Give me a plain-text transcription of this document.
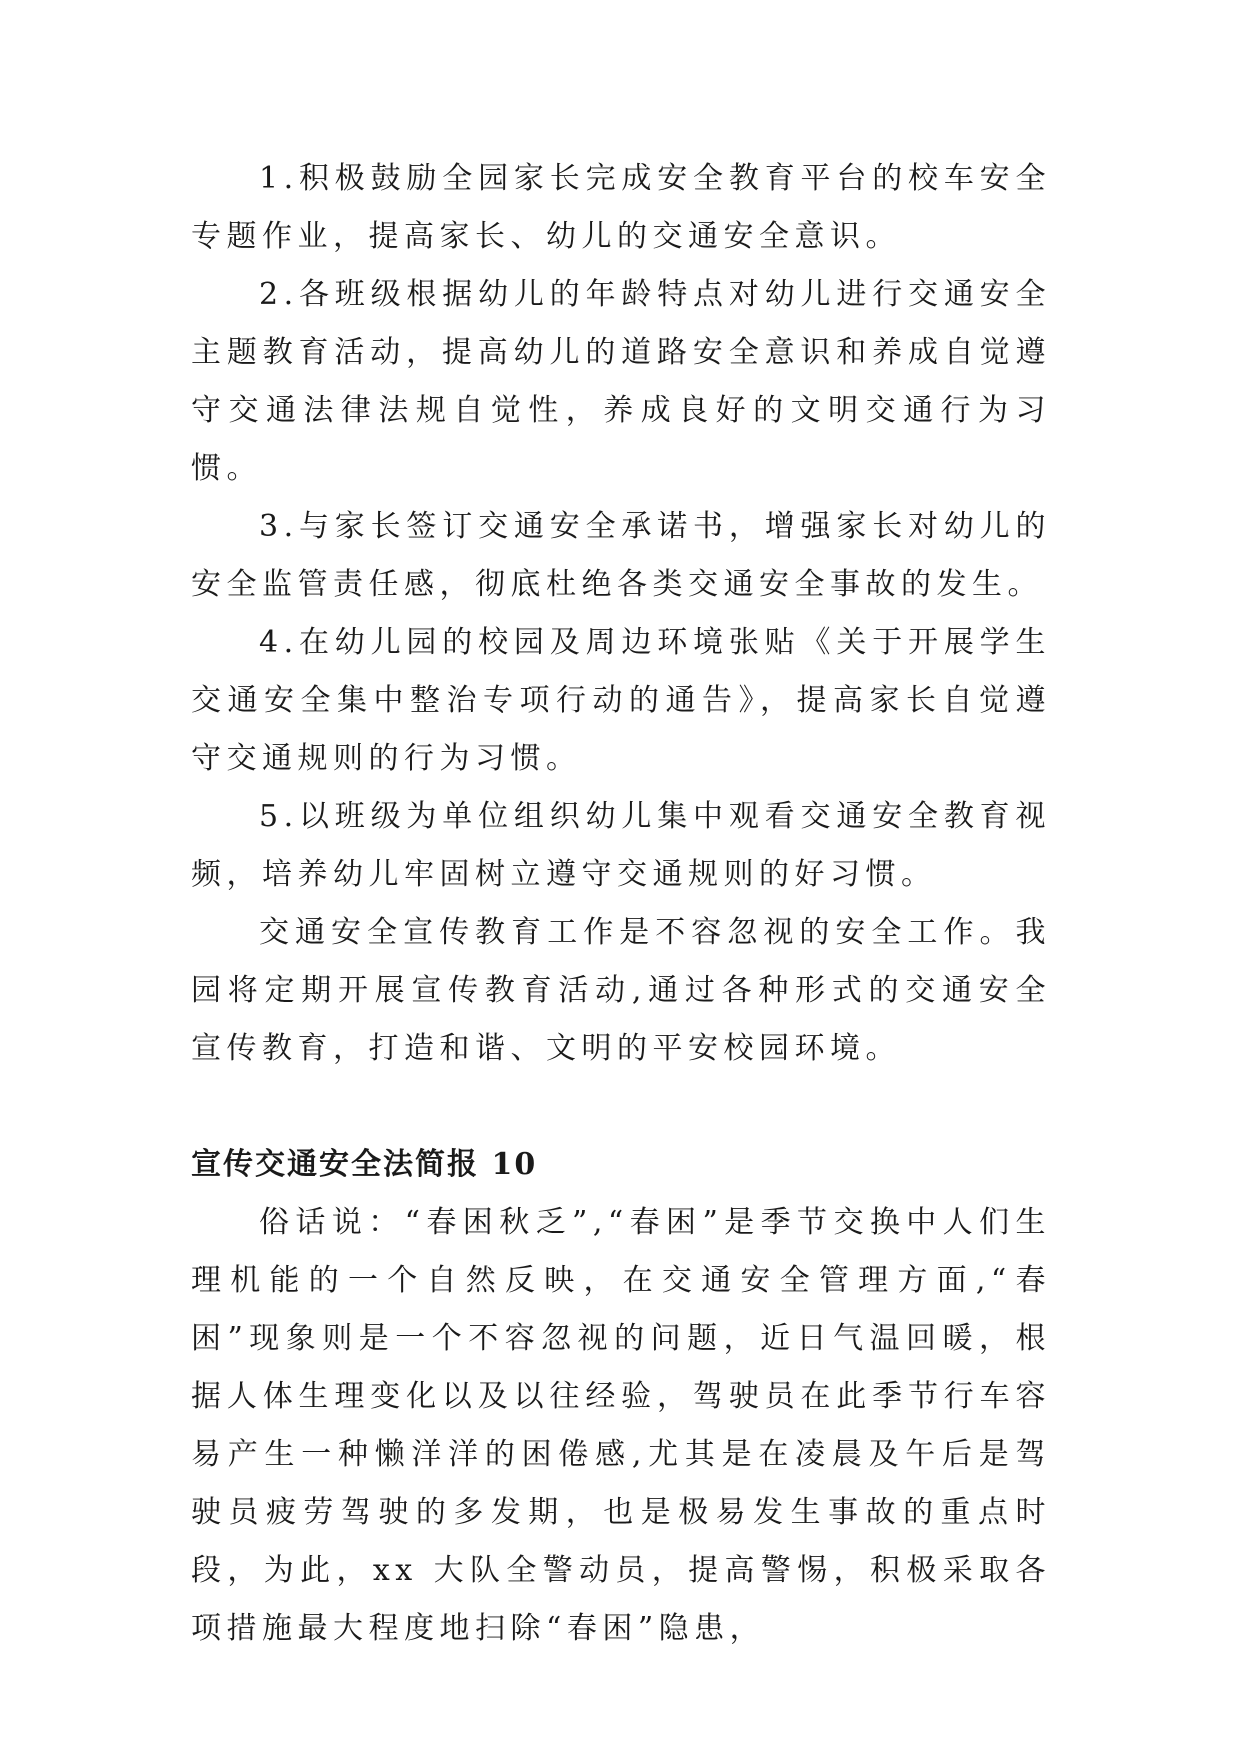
1.积极鼓励全园家长完成安全教育平台的校车安全专题作业，提高家长、幼儿的交通安全意识。

2.各班级根据幼儿的年龄特点对幼儿进行交通安全主题教育活动，提高幼儿的道路安全意识和养成自觉遵守交通法律法规自觉性，养成良好的文明交通行为习惯。

3.与家长签订交通安全承诺书，增强家长对幼儿的安全监管责任感，彻底杜绝各类交通安全事故的发生。

4.在幼儿园的校园及周边环境张贴《关于开展学生交通安全集中整治专项行动的通告》，提高家长自觉遵守交通规则的行为习惯。

5.以班级为单位组织幼儿集中观看交通安全教育视频，培养幼儿牢固树立遵守交通规则的好习惯。

交通安全宣传教育工作是不容忽视的安全工作。我园将定期开展宣传教育活动,通过各种形式的交通安全宣传教育，打造和谐、文明的平安校园环境。

宣传交通安全法简报 10

俗话说：“春困秋乏”,“春困”是季节交换中人们生理机能的一个自然反映，在交通安全管理方面,“春困”现象则是一个不容忽视的问题，近日气温回暖，根据人体生理变化以及以往经验，驾驶员在此季节行车容易产生一种懒洋洋的困倦感,尤其是在凌晨及午后是驾驶员疲劳驾驶的多发期，也是极易发生事故的重点时段，为此，xx 大队全警动员，提高警惕，积极采取各项措施最大程度地扫除“春困”隐患，
